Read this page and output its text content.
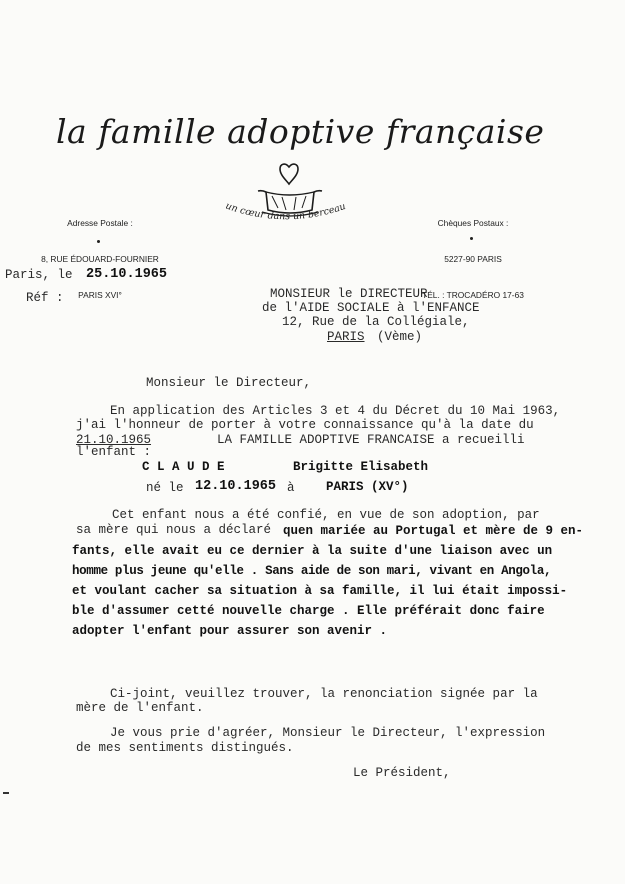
la famille adoptive française

Adresse Postale :

8, RUE ÉDOUARD-FOURNIER

PARIS XVI°

un cœur dans un berceau

Chèques Postaux :

5227-90 PARIS

TÉL. : TROCADÉRO 17-63

Paris, le 25.10.1965
Réf :	MONSIEUR le DIRECTEUR
de l'AIDE SOCIALE à l'ENFANCE
12, Rue de la Collégiale,
PARIS (Vème)
Monsieur le Directeur,
En application des Articles 3 et 4 du Décret du 10 Mai 1963,
j'ai l'honneur de porter à votre connaissance qu'à la date du
21.10.1965	LA FAMILLE ADOPTIVE FRANCAISE a recueilli
l'enfant :
C L A U D E	Brigitte Elisabeth
né le 12.10.1965 à	PARIS (XV°)
Cet enfant nous a été confié, en vue de son adoption, par
sa mère qui nous a déclaré quen mariée au Portugal et mère de 9 en-
fants, elle avait eu ce dernier à la suite d'une liaison avec un
homme plus jeune qu'elle . Sans aide de son mari, vivant en Angola,
et voulant cacher sa situation à sa famille, il lui était impossi-
ble d'assumer cetté nouvelle charge . Elle préférait donc faire
adopter l'enfant pour assurer son avenir .
Ci-joint, veuillez trouver, la renonciation signée par la
mère de l'enfant.
Je vous prie d'agréer, Monsieur le Directeur, l'expression
de mes sentiments distingués.
Le Président,
